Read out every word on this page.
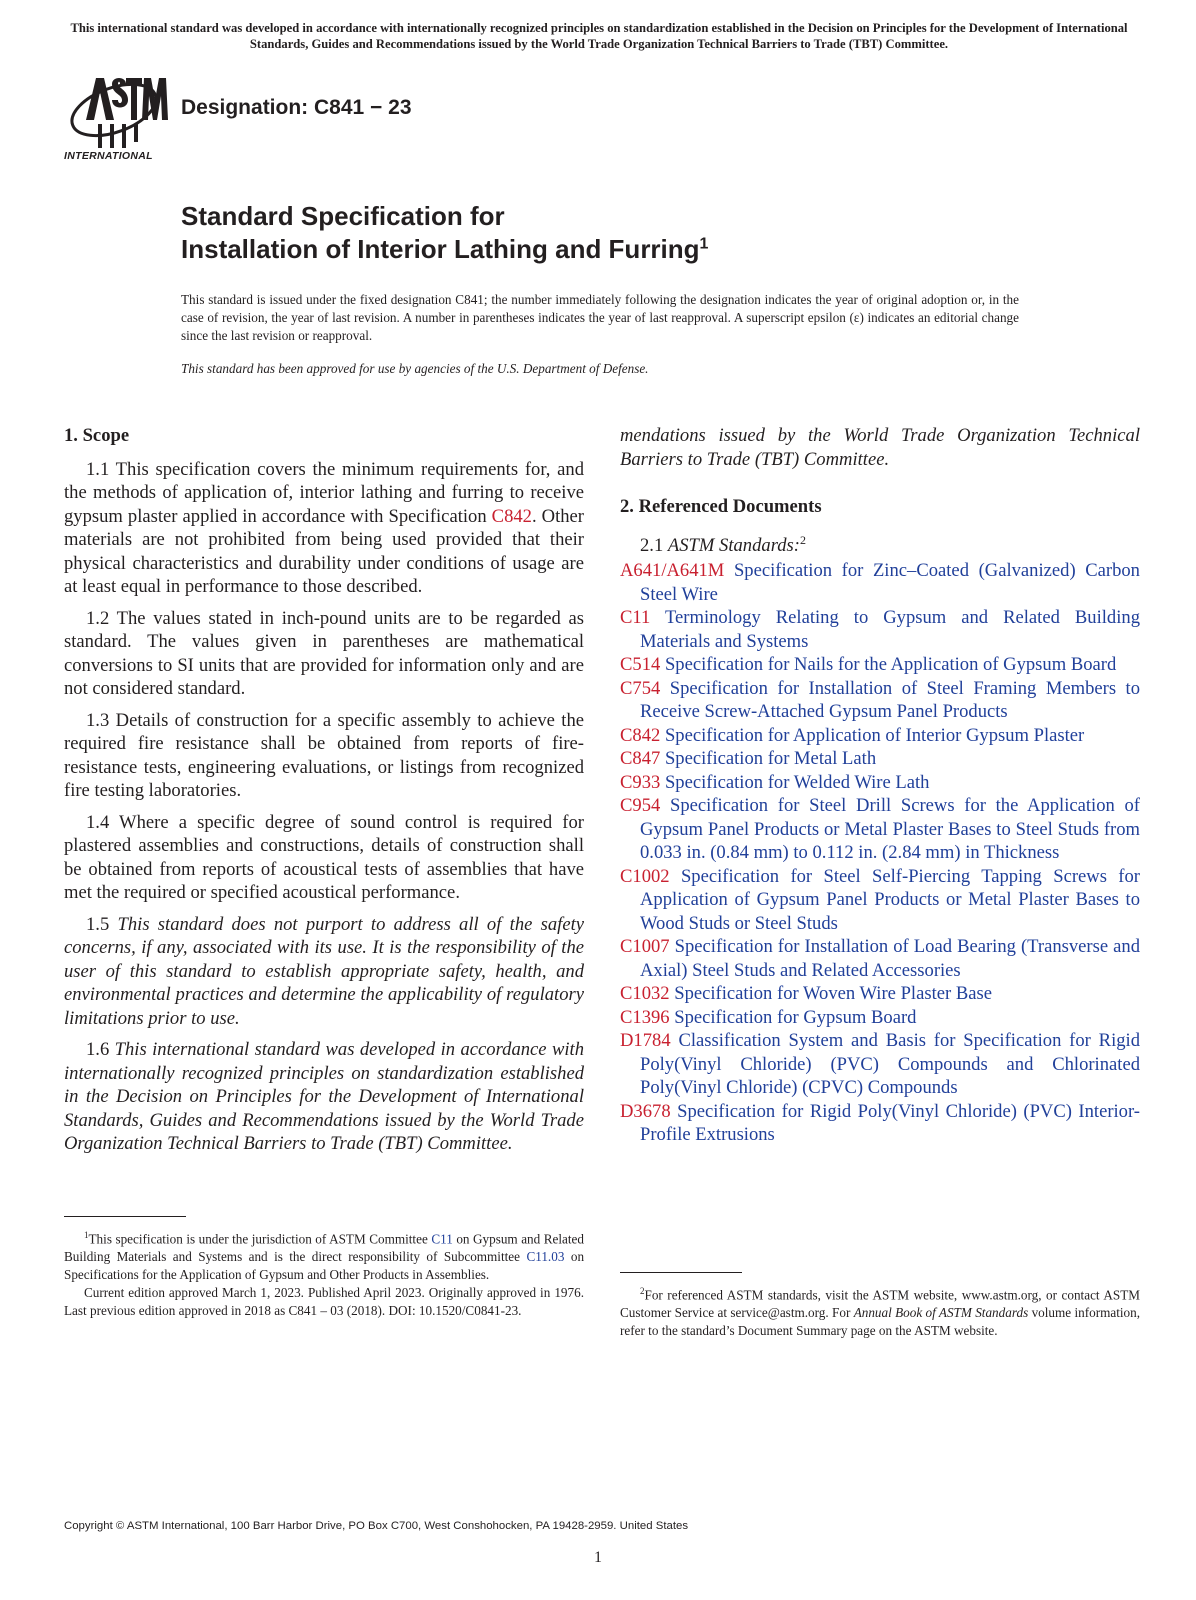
This international standard was developed in accordance with internationally recognized principles on standardization established in the Decision on Principles for the Development of International Standards, Guides and Recommendations issued by the World Trade Organization Technical Barriers to Trade (TBT) Committee.
INTERNATIONAL
Designation: C841 − 23
Standard Specification for
Installation of Interior Lathing and Furring$^1$
This standard is issued under the fixed designation C841; the number immediately following the designation indicates the year of original adoption or, in the case of revision, the year of last revision. A number in parentheses indicates the year of last reapproval. A superscript epsilon (ε) indicates an editorial change since the last revision or reapproval.
This standard has been approved for use by agencies of the U.S. Department of Defense.
1. Scope

1.1 This specification covers the minimum requirements for, and the methods of application of, interior lathing and furring to receive gypsum plaster applied in accordance with Specification C842. Other materials are not prohibited from being used provided that their physical characteristics and durability under conditions of usage are at least equal in performance to those described.

1.2 The values stated in inch-pound units are to be regarded as standard. The values given in parentheses are mathematical conversions to SI units that are provided for information only and are not considered standard.

1.3 Details of construction for a specific assembly to achieve the required fire resistance shall be obtained from reports of fire-resistance tests, engineering evaluations, or listings from recognized fire testing laboratories.

1.4 Where a specific degree of sound control is required for plastered assemblies and constructions, details of construction shall be obtained from reports of acoustical tests of assemblies that have met the required or specified acoustical performance.

1.5 This standard does not purport to address all of the safety concerns, if any, associated with its use. It is the responsibility of the user of this standard to establish appropriate safety, health, and environmental practices and determine the applicability of regulatory limitations prior to use.

1.6 This international standard was developed in accordance with internationally recognized principles on standardization established in the Decision on Principles for the Development of International Standards, Guides and Recommendations issued by the World Trade Organization Technical Barriers to Trade (TBT) Committee.

mendations issued by the World Trade Organization Technical Barriers to Trade (TBT) Committee.

2. Referenced Documents
2.1 ASTM Standards:$^2$
A641/A641M Specification for Zinc–Coated (Galvanized) Carbon Steel Wire
C11 Terminology Relating to Gypsum and Related Building Materials and Systems
C514 Specification for Nails for the Application of Gypsum Board
C754 Specification for Installation of Steel Framing Members to Receive Screw-Attached Gypsum Panel Products
C842 Specification for Application of Interior Gypsum Plaster
C847 Specification for Metal Lath
C933 Specification for Welded Wire Lath
C954 Specification for Steel Drill Screws for the Application of Gypsum Panel Products or Metal Plaster Bases to Steel Studs from 0.033 in. (0.84 mm) to 0.112 in. (2.84 mm) in Thickness
C1002 Specification for Steel Self-Piercing Tapping Screws for Application of Gypsum Panel Products or Metal Plaster Bases to Wood Studs or Steel Studs
C1007 Specification for Installation of Load Bearing (Transverse and Axial) Steel Studs and Related Accessories
C1032 Specification for Woven Wire Plaster Base
C1396 Specification for Gypsum Board
D1784 Classification System and Basis for Specification for Rigid Poly(Vinyl Chloride) (PVC) Compounds and Chlorinated Poly(Vinyl Chloride) (CPVC) Compounds
D3678 Specification for Rigid Poly(Vinyl Chloride) (PVC) Interior-Profile Extrusions

$^1$This specification is under the jurisdiction of ASTM Committee C11 on Gypsum and Related Building Materials and Systems and is the direct responsibility of Subcommittee C11.03 on Specifications for the Application of Gypsum and Other Products in Assemblies.

Current edition approved March 1, 2023. Published April 2023. Originally approved in 1976. Last previous edition approved in 2018 as C841 – 03 (2018). DOI: 10.1520/C0841-23.

$^2$For referenced ASTM standards, visit the ASTM website, www.astm.org, or contact ASTM Customer Service at service@astm.org. For Annual Book of ASTM Standards volume information, refer to the standard’s Document Summary page on the ASTM website.

Copyright © ASTM International, 100 Barr Harbor Drive, PO Box C700, West Conshohocken, PA 19428-2959. United States
1
